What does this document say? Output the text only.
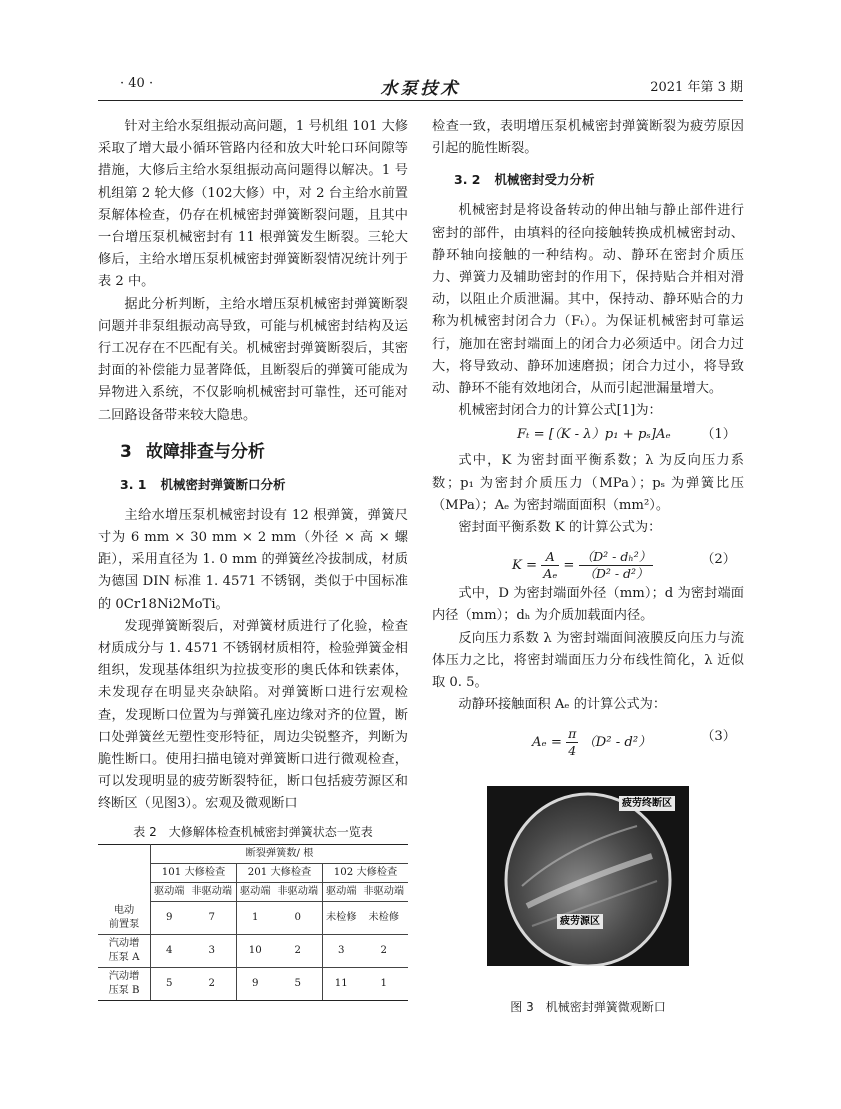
· 40 ·	水泵技术	2021 年第 3 期

针对主给水泵组振动高问题，1 号机组 101 大修采取了增大最小循环管路内径和放大叶轮口环间隙等措施，大修后主给水泵组振动高问题得以解决。1 号机组第 2 轮大修（102大修）中，对 2 台主给水前置泵解体检查，仍存在机械密封弹簧断裂问题，且其中一台增压泵机械密封有 11 根弹簧发生断裂。三轮大修后，主给水增压泵机械密封弹簧断裂情况统计列于表 2 中。

据此分析判断，主给水增压泵机械密封弹簧断裂问题并非泵组振动高导致，可能与机械密封结构及运行工况存在不匹配有关。机械密封弹簧断裂后，其密封面的补偿能力显著降低，且断裂后的弹簧可能成为异物进入系统，不仅影响机械密封可靠性，还可能对二回路设备带来较大隐患。

3 故障排查与分析
3. 1 机械密封弹簧断口分析

主给水增压泵机械密封设有 12 根弹簧，弹簧尺寸为 6 mm × 30 mm × 2 mm（外径 × 高 × 螺距），采用直径为 1. 0 mm 的弹簧丝冷拔制成，材质为德国 DIN 标准 1. 4571 不锈钢，类似于中国标准的 0Cr18Ni2MoTi。

发现弹簧断裂后，对弹簧材质进行了化验，检查材质成分与 1. 4571 不锈钢材质相符，检验弹簧金相组织，发现基体组织为拉拔变形的奥氏体和铁素体，未发现存在明显夹杂缺陷。对弹簧断口进行宏观检查，发现断口位置为与弹簧孔座边缘对齐的位置，断口处弹簧丝无塑性变形特征，周边尖锐整齐，判断为脆性断口。使用扫描电镜对弹簧断口进行微观检查，可以发现明显的疲劳断裂特征，断口包括疲劳源区和终断区（见图3）。宏观及微观断口

表 2　大修解体检查机械密封弹簧状态一览表
	断裂弹簧数/ 根					
	101 大修检查		201 大修检查		102 大修检查	
	驱动端	非驱动端	驱动端	非驱动端	驱动端	非驱动端
电动
前置泵	9	7	1	0	未检修	未检修
汽动增
压泵 A	4	3	10	2	3	2
汽动增
压泵 B	5	2	9	5	11	1

检查一致，表明增压泵机械密封弹簧断裂为疲劳原因引起的脆性断裂。

3. 2 机械密封受力分析

机械密封是将设备转动的伸出轴与静止部件进行密封的部件，由填料的径向接触转换成机械密封动、静环轴向接触的一种结构。动、静环在密封介质压力、弹簧力及辅助密封的作用下，保持贴合并相对滑动，以阻止介质泄漏。其中，保持动、静环贴合的力称为机械密封闭合力（Fₜ）。为保证机械密封可靠运行，施加在密封端面上的闭合力必须适中。闭合力过大，将导致动、静环加速磨损；闭合力过小，将导致动、静环不能有效地闭合，从而引起泄漏量增大。

机械密封闭合力的计算公式[1]为：

Fₜ = [（K - λ）p₁ + pₛ]Aₑ （1）

式中，K 为密封面平衡系数；λ 为反向压力系数；p₁ 为密封介质压力（MPa）；pₛ 为弹簧比压（MPa）；Aₑ 为密封端面面积（mm²）。

密封面平衡系数 K 的计算公式为：

$K = \frac{A}{\text{Aₑ}} = \frac{\text{（D² - dₕ²）}}{\text{（D² - d²）}}$	（2）

式中，D 为密封端面外径（mm）；d 为密封端面内径（mm）；dₕ 为介质加载面内径。

反向压力系数 λ 为密封端面间液膜反向压力与流体压力之比，将密封端面压力分布线性简化，λ 近似取 0. 5。

动静环接触面积 Aₑ 的计算公式为：

$A_e = \frac{\pi}{4} (D^2 - d^2)$	（3）
疲劳终断区
疲劳源区
图 3　机械密封弹簧微观断口
